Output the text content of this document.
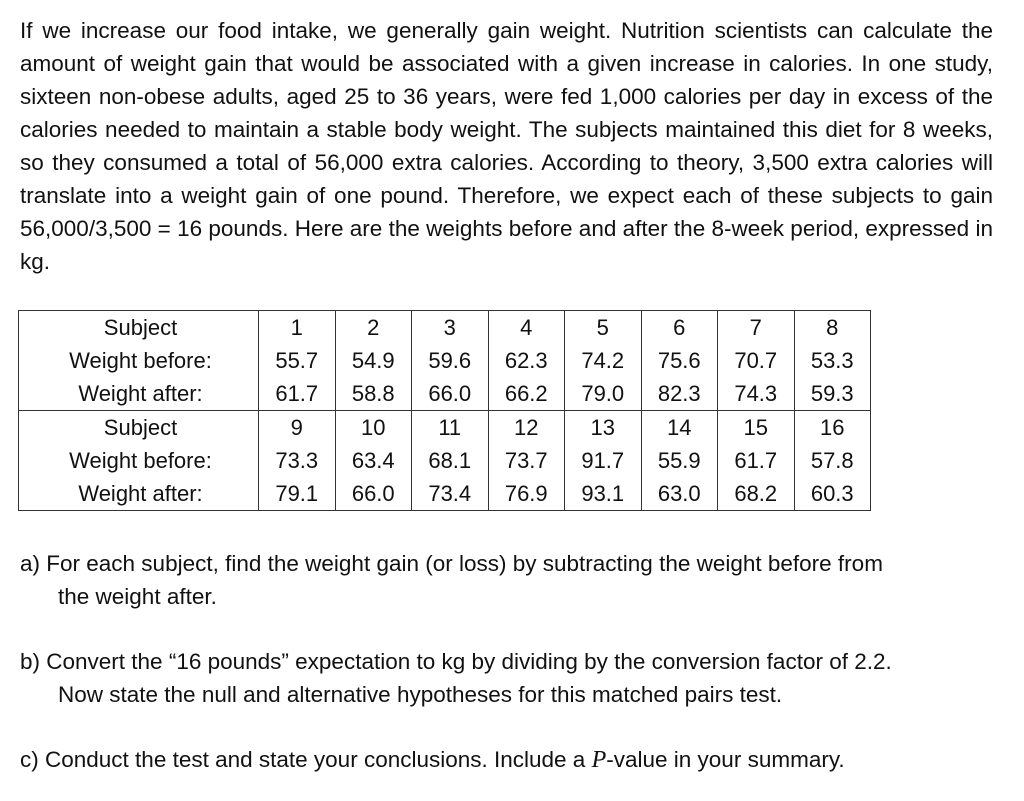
If we increase our food intake, we generally gain weight. Nutrition scientists can calculate the amount of weight gain that would be associated with a given increase in calories. In one study, sixteen non-obese adults, aged 25 to 36 years, were fed 1,000 calories per day in excess of the calories needed to maintain a stable body weight. The subjects maintained this diet for 8 weeks, so they consumed a total of 56,000 extra calories. According to theory, 3,500 extra calories will translate into a weight gain of one pound. Therefore, we expect each of these subjects to gain 56,000/3,500 = 16 pounds. Here are the weights before and after the 8-week period, expressed in kg.

Subject	1	2	3	4	5	6	7	8
Weight before:	55.7	54.9	59.6	62.3	74.2	75.6	70.7	53.3
Weight after:	61.7	58.8	66.0	66.2	79.0	82.3	74.3	59.3
Subject	9	10	11	12	13	14	15	16
Weight before:	73.3	63.4	68.1	73.7	91.7	55.9	61.7	57.8
Weight after:	79.1	66.0	73.4	76.9	93.1	63.0	68.2	60.3

a) For each subject, find the weight gain (or loss) by subtracting the weight before from
the weight after.

b) Convert the “16 pounds” expectation to kg by dividing by the conversion factor of 2.2.
Now state the null and alternative hypotheses for this matched pairs test.

c) Conduct the test and state your conclusions. Include a P-value in your summary.
